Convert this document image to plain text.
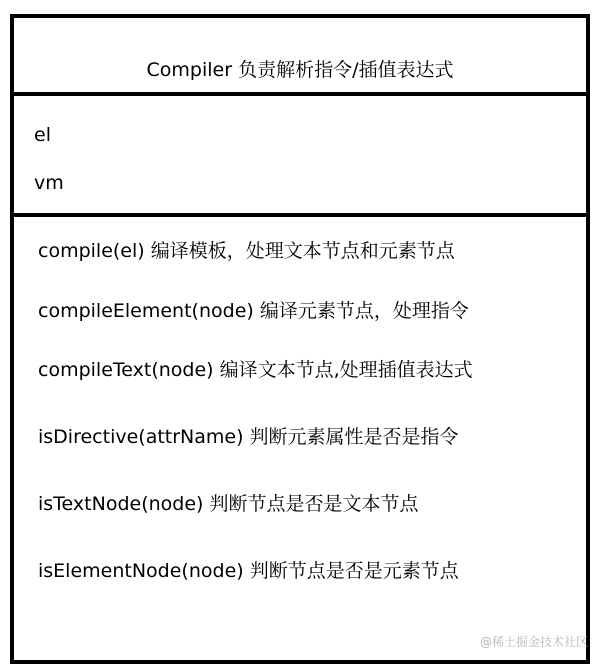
Compiler 负责解析指令/插值表达式
el
vm
compile(el) 编译模板，处理文本节点和元素节点
compileElement(node) 编译元素节点，处理指令
compileText(node) 编译文本节点,处理插值表达式
isDirective(attrName) 判断元素属性是否是指令
isTextNode(node) 判断节点是否是文本节点
isElementNode(node) 判断节点是否是元素节点
@稀土掘金技术社区
